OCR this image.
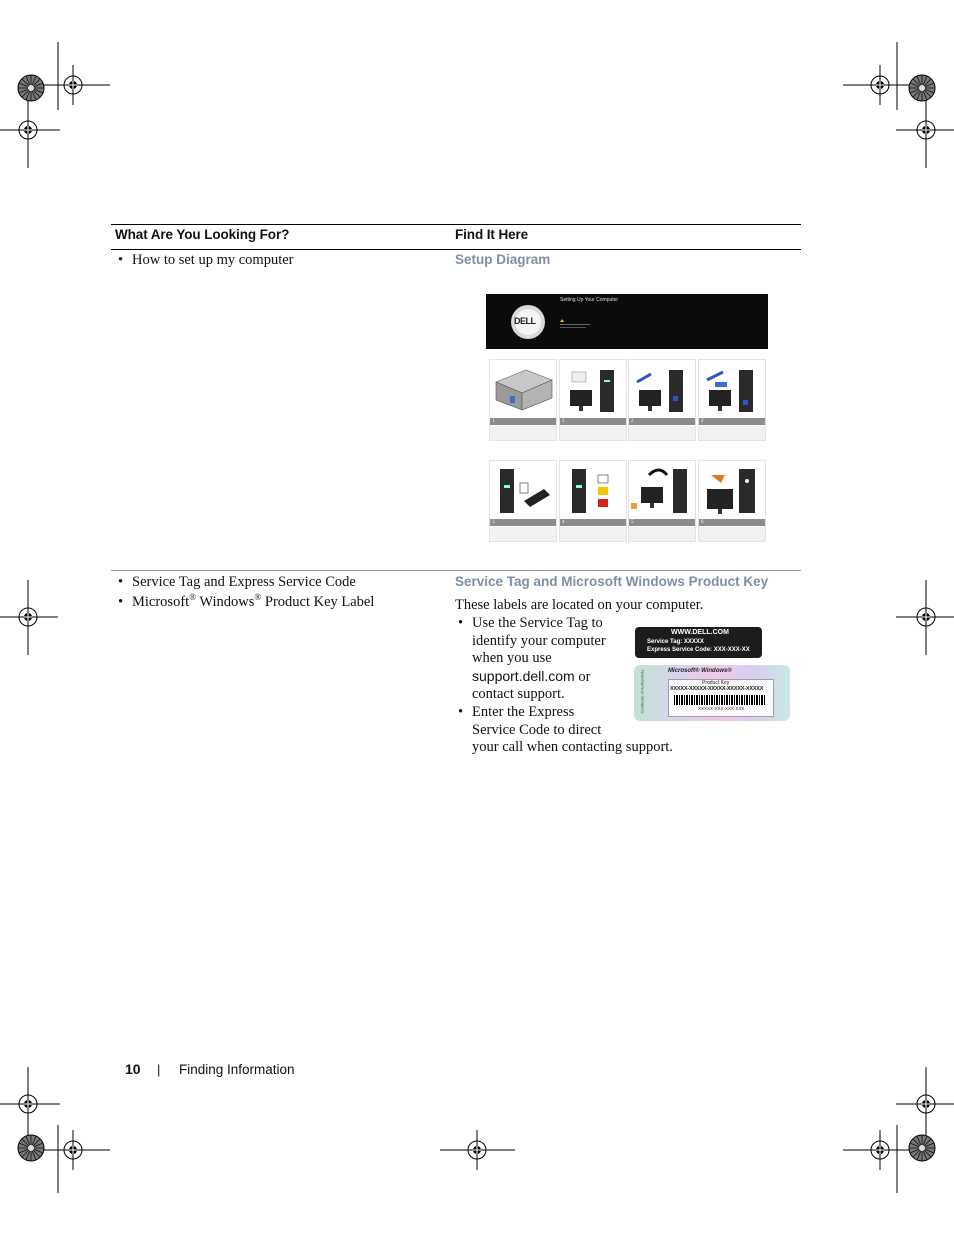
What Are You Looking For?	Find It Here
• How to set up my computer	Setup Diagram
DELL
Setting Up Your Computer
1	2	2	2
3	4	5	6
• Service Tag and Express Service Code
• Microsoft® Windows® Product Key Label
Service Tag and Microsoft Windows Product Key
These labels are located on your computer.
• Use the Service Tag to
identify your computer
when you use
support.dell.com or
contact support.
• Enter the Express
Service Code to direct
your call when contacting support.
WWW.DELL.COM
Service Tag: XXXXX
Express Service Code: XXX-XXX-XX
Certificate of Authenticity	Microsoft® Windows®
Product Key
XXXXX-XXXXX-XXXXX-XXXXX-XXXXX
XXXXX-XXX-XXX-XXX
10 | Finding Information
